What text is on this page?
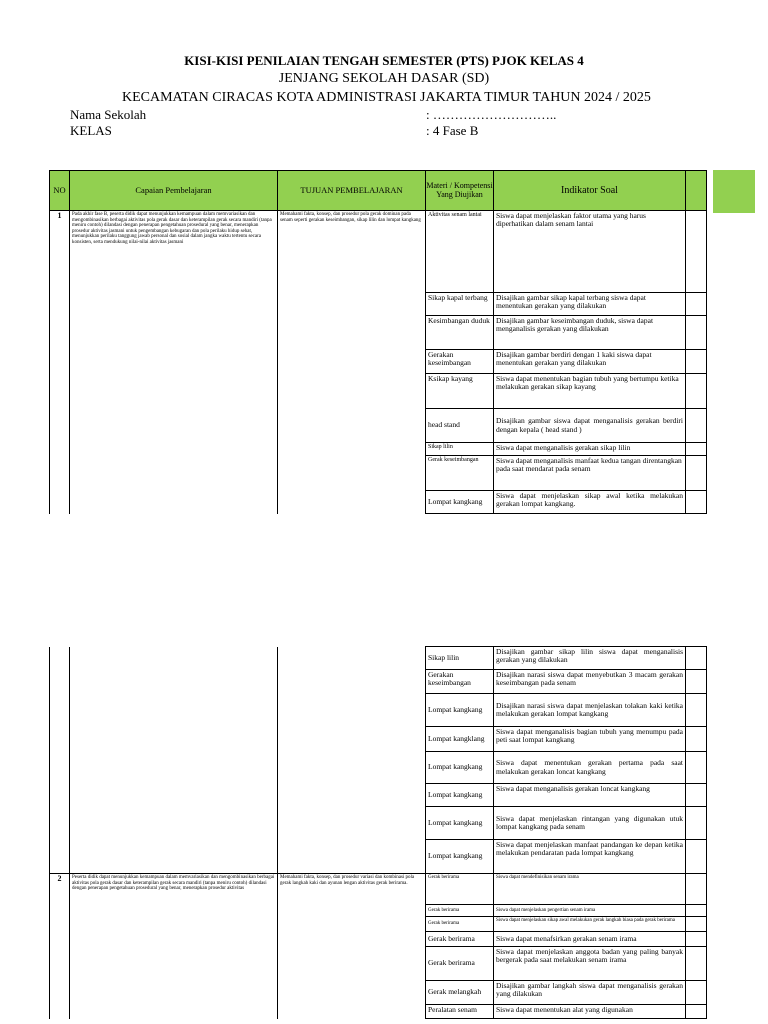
KISI-KISI PENILAIAN TENGAH SEMESTER (PTS) PJOK KELAS 4
JENJANG SEKOLAH DASAR (SD)
KECAMATAN CIRACAS KOTA ADMINISTRASI JAKARTA TIMUR TAHUN 2024 / 2025
Nama Sekolah	: ………………………..
KELAS	: 4 Fase B
NO	Capaian Pembelajaran	TUJUAN PEMBELAJARAN	Materi / Kompetensi Yang Diujikan	Indikator Soal	
1	Pada akhir fase B, peserta didik dapat menunjukkan kemampuan dalam memvariasikan dan mengombinasikan berbagai aktivitas pola gerak dasar dan keterampilan gerak secara mandiri (tanpa meniru contoh) dilandasi dengan penerapan pengetahuan prosedural yang benar, menerapkan prosedur aktivitas jasmani untuk pengembangan kebugaran dan pola perilaku hidup sehat, menunjukkan perilaku tanggung jawab personal dan sosial dalam jangka waktu tertentu secara konsisten, serta mendukung nilai-nilai aktivitas jasmani	Memahami fakta, konsep, dan prosedur pola gerak dominan pada senam seperti gerakan keseimbangan, sikap lilin dan lompat kangkang	Aktivitas senam lantai	Siswa dapat menjelaskan faktor utama yang harus diperhatikan dalam senam lantai	
			Sikap kapal terbang	Disajikan gambar sikap kapal terbang siswa dapat menentukan gerakan yang dilakukan	
			Kesimbangan duduk	Disajikan gambar keseimbangan duduk, siswa dapat menganalisis gerakan yang dilakukan	
			Gerakan keseimbangan	Disajikan gambar berdiri dengan 1 kaki siswa dapat menentukan gerakan yang dilakukan	
			Ksikap kayang	Siswa dapat menentukan bagian tubuh yang bertumpu ketika melakukan gerakan sikap kayang	
			head stand	Disajikan gambar siswa dapat menganalisis gerakan berdiri dengan kepala ( head stand )	
			Sikap lilin	Siswa dapat menganalisis gerakan sikap lilin	
			Gerak keseimbangan	Siswa dapat menganalisis manfaat kedua tangan direntangkan pada saat mendarat pada senam	
			Lompat kangkang	Siswa dapat menjelaskan sikap awal ketika melakukan gerakan lompat kangkang.	
			Sikap lilin	Disajikan gambar sikap lilin siswa dapat menganalisis gerakan yang dilakukan	
			Gerakan keseimbangan	Disajikan narasi siswa dapat menyebutkan 3 macam gerakan keseimbangan pada senam	
			Lompat kangkang	Disajikan narasi siswa dapat menjelaskan tolakan kaki ketika melakukan gerakan lompat kangkang	
			Lompat kangklang	Siswa dapat menganalisis bagian tubuh yang menumpu pada peti saat lompat kangkang	
			Lompat kangkang	Siswa dapat menentukan gerakan pertama pada saat melakukan gerakan loncat kangkang	
			Lompat kangkang	Siswa dapat menganalisis gerakan loncat kangkang	
			Lompat kangkang	Siswa dapat menjelaskan rintangan yang digunakan utuk lompat kangkang pada senam	
			Lompat kangkang	Siswa dapat menjelaskan manfaat pandangan ke depan ketika melakukan pendaratan pada lompat kangkang	
2	Peserta didik dapat menunjukkan kemampuan dalam memvariasikan dan mengombinasikan berbagai aktivitas pola gerak dasar dan keterampilan gerak secara mandiri (tanpa meniru contoh) dilandasi dengan penerapan pengetahuan prosedural yang benar, menerapkan prosedur aktivitas	Memahami fakta, konsep, dan prosedur variasi dan kombinasi pola gerak langkah kaki dan ayunan lengan aktivitas gerak berirama.	Gerak berirama	Siswa dapat mendefinisikan senam irama	
			Gerak berirama	Siswa dapat menjelaskan pengertian senam irama	
			Gerak berirama	Siswa dapat menjelaskan sikap awal melakukan gerak langkah biasa pada gerak berirama	
			Gerak berirama	Siswa dapat menafsirkan gerakan senam irama	
			Gerak berirama	Siswa dapat menjelaskan anggota badan yang paling banyak bergerak pada saat melakukan senam irama	
			Gerak melangkah	Disajikan gambar langkah siswa dapat menganalisis gerakan yang dilakukan	
			Peralatan senam	Siswa dapat menentukan alat yang digunakan	
